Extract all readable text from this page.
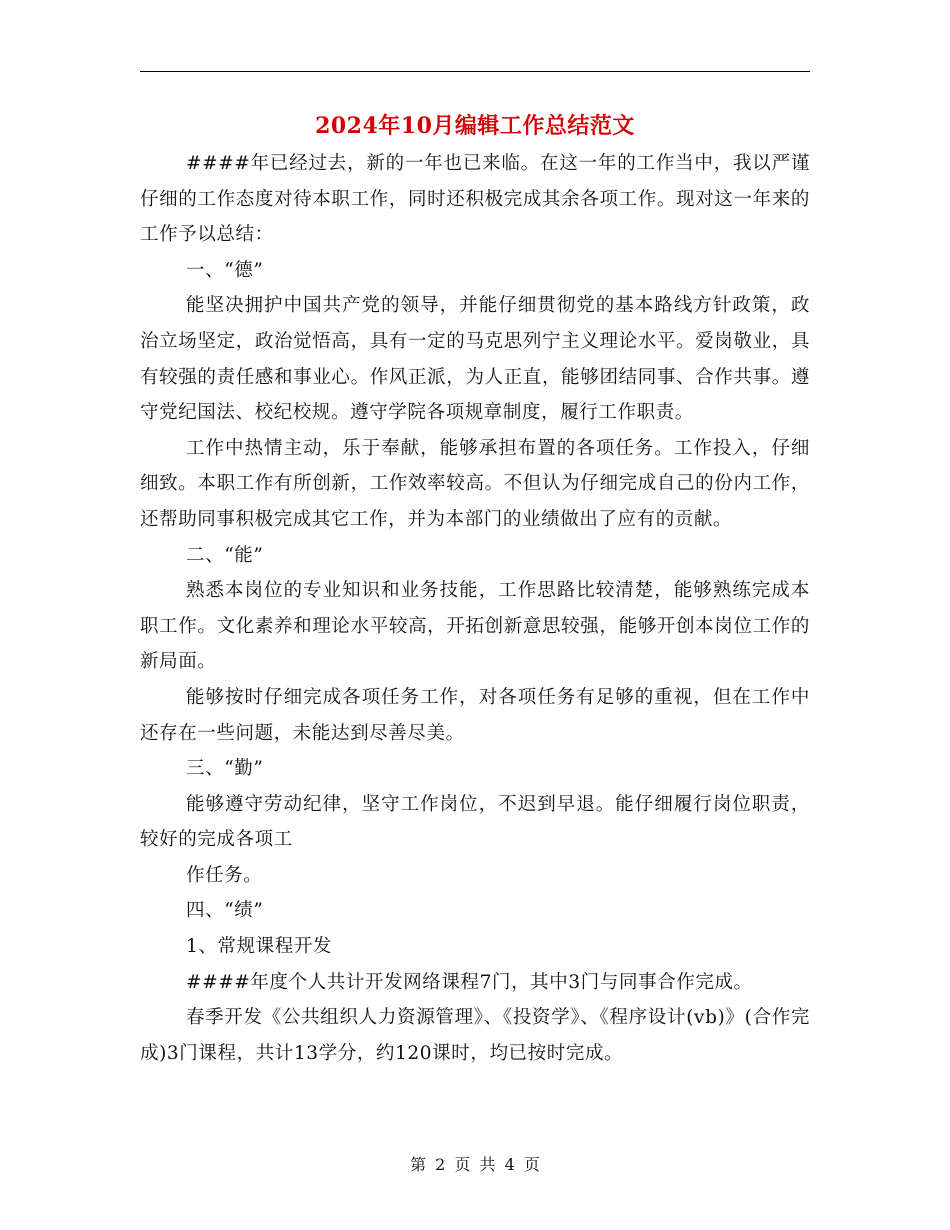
2024年10月编辑工作总结范文

####年已经过去，新的一年也已来临。在这一年的工作当中，我以严谨仔细的工作态度对待本职工作，同时还积极完成其余各项工作。现对这一年来的工作予以总结：

一、“德”

能坚决拥护中国共产党的领导，并能仔细贯彻党的基本路线方针政策，政治立场坚定，政治觉悟高，具有一定的马克思列宁主义理论水平。爱岗敬业，具有较强的责任感和事业心。作风正派，为人正直，能够团结同事、合作共事。遵守党纪国法、校纪校规。遵守学院各项规章制度，履行工作职责。

工作中热情主动，乐于奉献，能够承担布置的各项任务。工作投入，仔细细致。本职工作有所创新，工作效率较高。不但认为仔细完成自己的份内工作，还帮助同事积极完成其它工作，并为本部门的业绩做出了应有的贡献。

二、“能”

熟悉本岗位的专业知识和业务技能，工作思路比较清楚，能够熟练完成本职工作。文化素养和理论水平较高，开拓创新意思较强，能够开创本岗位工作的新局面。

能够按时仔细完成各项任务工作，对各项任务有足够的重视，但在工作中还存在一些问题，未能达到尽善尽美。

三、“勤”

能够遵守劳动纪律，坚守工作岗位，不迟到早退。能仔细履行岗位职责，较好的完成各项工

作任务。

四、“绩”

1、常规课程开发

####年度个人共计开发网络课程7门，其中3门与同事合作完成。

春季开发《公共组织人力资源管理》、《投资学》、《程序设计(vb)》(合作完成)3门课程，共计13学分，约120课时，均已按时完成。

第 2 页 共 4 页
